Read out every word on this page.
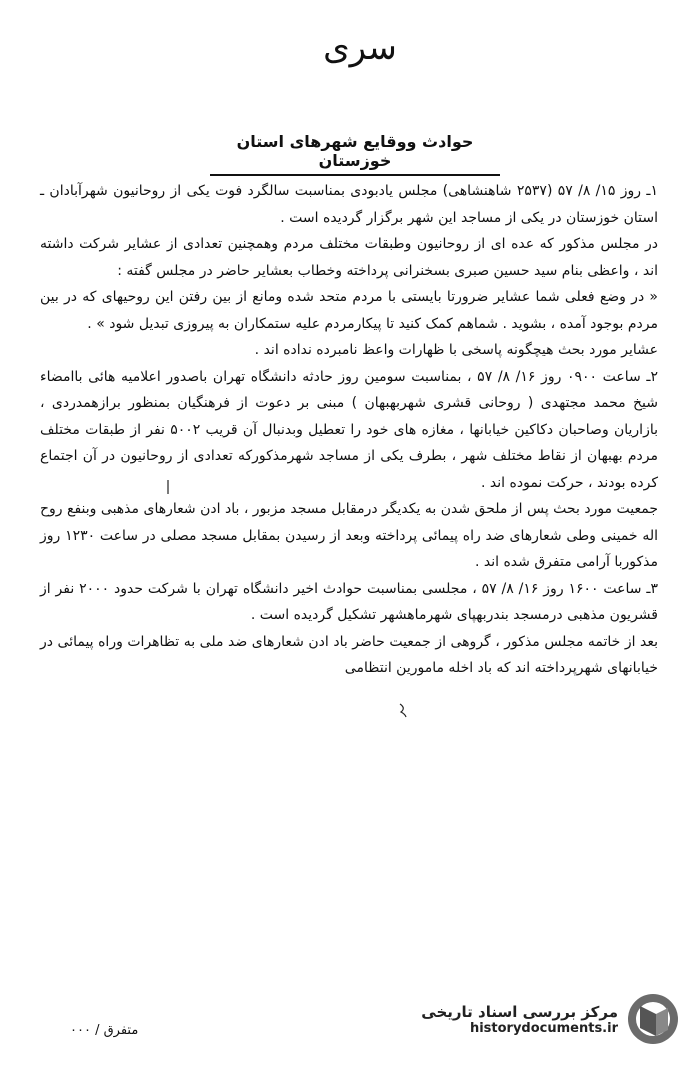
سری
حوادث ووقایع شهرهای استان خوزستان

۱ـ روز ۱۵/ ۸/ ۵۷ (۲۵۳۷ شاهنشاهی) مجلس یادبودی بمناسبت سالگرد فوت یکی از روحانیون شهرآبادان ـ استان خوزستان در یکی از مساجد این شهر برگزار گردیده است .

در مجلس مذکور که عده ای از روحانیون وطبقات مختلف مردم وهمچنین تعدادی از عشایر شرکت داشته اند ، واعظی بنام سید حسین صبری بسخنرانی پرداخته وخطاب بعشایر حاضر در مجلس گفته :

« در وضع فعلی شما عشایر ضرورتا بایستی با مردم متحد شده ومانع از بین رفتن این روحیهای که در بین مردم بوجود آمده ، بشوید . شماهم کمک کنید تا پیکارمردم علیه ستمکاران به پیروزی تبدیل شود » .

عشایر مورد بحث هیچگونه پاسخی با ظهارات واعظ نامبرده نداده اند .

۲ـ ساعت ۰۹۰۰ روز ۱۶/ ۸/ ۵۷ ، بمناسبت سومین روز حادثه دانشگاه تهران باصدور اعلامیه هائی باامضاء شیخ محمد مجتهدی ( روحانی قشری شهربهبهان ) مبنی بر دعوت از فرهنگیان بمنظور برازهمدردی ، بازاریان وصاحبان دکاکین خیابانها ، مغازه های خود را تعطیل وبدنبال آن قریب ۵۰۰۲ نفر از طبقات مختلف مردم بهبهان از نقاط مختلف شهر ، بطرف یکی از مساجد شهرمذکورکه تعدادی از روحانیون در آن اجتماع کرده بودند ، حرکت نموده اند .

جمعیت مورد بحث پس از ملحق شدن به یکدیگر درمقابل مسجد مزبور ، باد ادن شعارهای مذهبی وبنفع روح اله خمینی وطی شعارهای ضد راه پیمائی پرداخته وبعد از رسیدن بمقابل مسجد مصلی در ساعت ۱۲۳۰ روز مذکوربا آرامی متفرق شده اند .

۳ـ ساعت ۱۶۰۰ روز ۱۶/ ۸/ ۵۷ ، مجلسی بمناسبت حوادث اخیر دانشگاه تهران با شرکت حدود ۲۰۰۰ نفر از قشریون مذهبی درمسجد بندربهپای شهرماهشهر تشکیل گردیده است .

بعد از خاتمه مجلس مذکور ، گروهی از جمعیت حاضر باد ادن شعارهای ضد ملی به تظاهرات وراه پیمائی در خیابانهای شهرپرداخته اند که باد اخله مامورین انتظامی

متفرق / ۰۰۰
مرکز بررسی اسناد تاریخی
historydocuments.ir
